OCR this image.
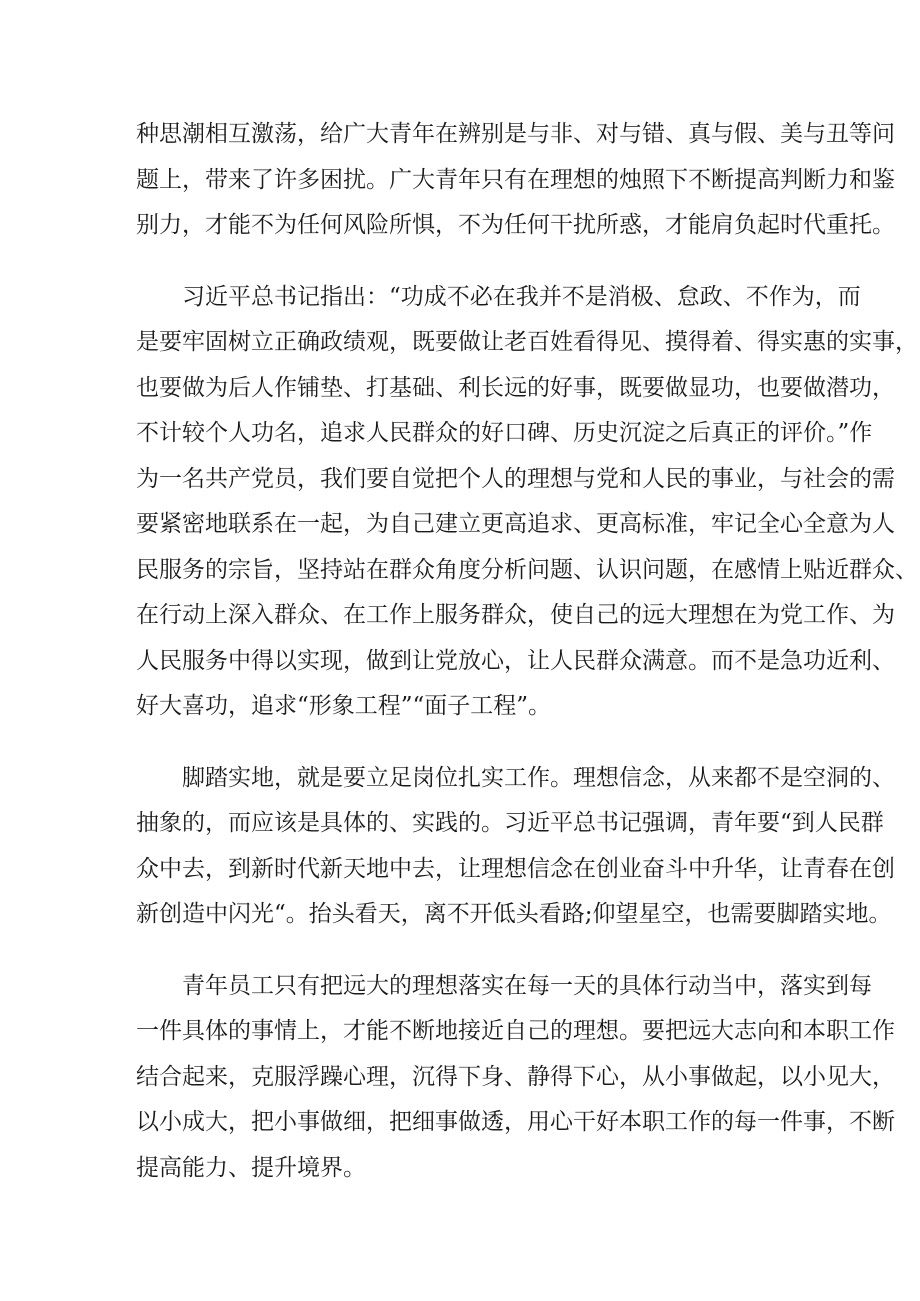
种思潮相互激荡，给广大青年在辨别是与非、对与错、真与假、美与丑等问
题上，带来了许多困扰。广大青年只有在理想的烛照下不断提高判断力和鉴
别力，才能不为任何风险所惧，不为任何干扰所惑，才能肩负起时代重托。
习近平总书记指出：“功成不必在我并不是消极、怠政、不作为，而
是要牢固树立正确政绩观，既要做让老百姓看得见、摸得着、得实惠的实事，
也要做为后人作铺垫、打基础、利长远的好事，既要做显功，也要做潜功，
不计较个人功名，追求人民群众的好口碑、历史沉淀之后真正的评价。”作
为一名共产党员，我们要自觉把个人的理想与党和人民的事业，与社会的需
要紧密地联系在一起，为自己建立更高追求、更高标准，牢记全心全意为人
民服务的宗旨，坚持站在群众角度分析问题、认识问题，在感情上贴近群众、
在行动上深入群众、在工作上服务群众，使自己的远大理想在为党工作、为
人民服务中得以实现，做到让党放心，让人民群众满意。而不是急功近利、
好大喜功，追求“形象工程”“面子工程”。
脚踏实地，就是要立足岗位扎实工作。理想信念，从来都不是空洞的、
抽象的，而应该是具体的、实践的。习近平总书记强调，青年要“到人民群
众中去，到新时代新天地中去，让理想信念在创业奋斗中升华，让青春在创
新创造中闪光“。抬头看天，离不开低头看路;仰望星空，也需要脚踏实地。
青年员工只有把远大的理想落实在每一天的具体行动当中，落实到每
一件具体的事情上，才能不断地接近自己的理想。要把远大志向和本职工作
结合起来，克服浮躁心理，沉得下身、静得下心，从小事做起，以小见大，
以小成大，把小事做细，把细事做透，用心干好本职工作的每一件事，不断
提高能力、提升境界。
